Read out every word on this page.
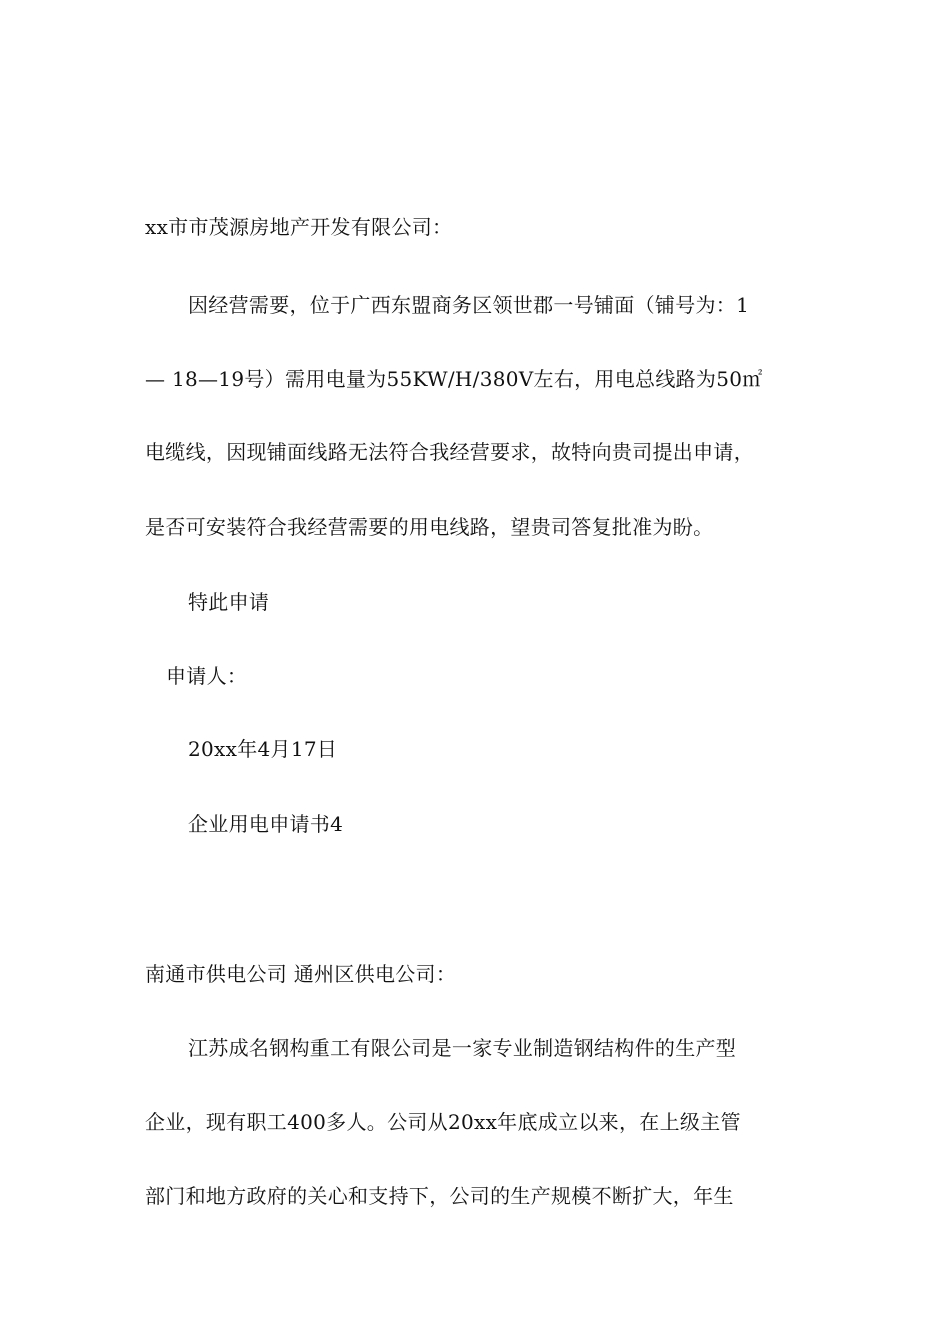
xx市市茂源房地产开发有限公司：
因经营需要，位于广西东盟商务区领世郡一号铺面（铺号为：1
— 18—19号）需用电量为55KW/H/380V左右，用电总线路为50㎡
电缆线，因现铺面线路无法符合我经营要求，故特向贵司提出申请，
是否可安装符合我经营需要的用电线路，望贵司答复批准为盼。
特此申请
申请人：
20xx年4月17日
企业用电申请书4
南通市供电公司 通州区供电公司：
江苏成名钢构重工有限公司是一家专业制造钢结构件的生产型
企业，现有职工400多人。公司从20xx年底成立以来，在上级主管
部门和地方政府的关心和支持下，公司的生产规模不断扩大，年生
